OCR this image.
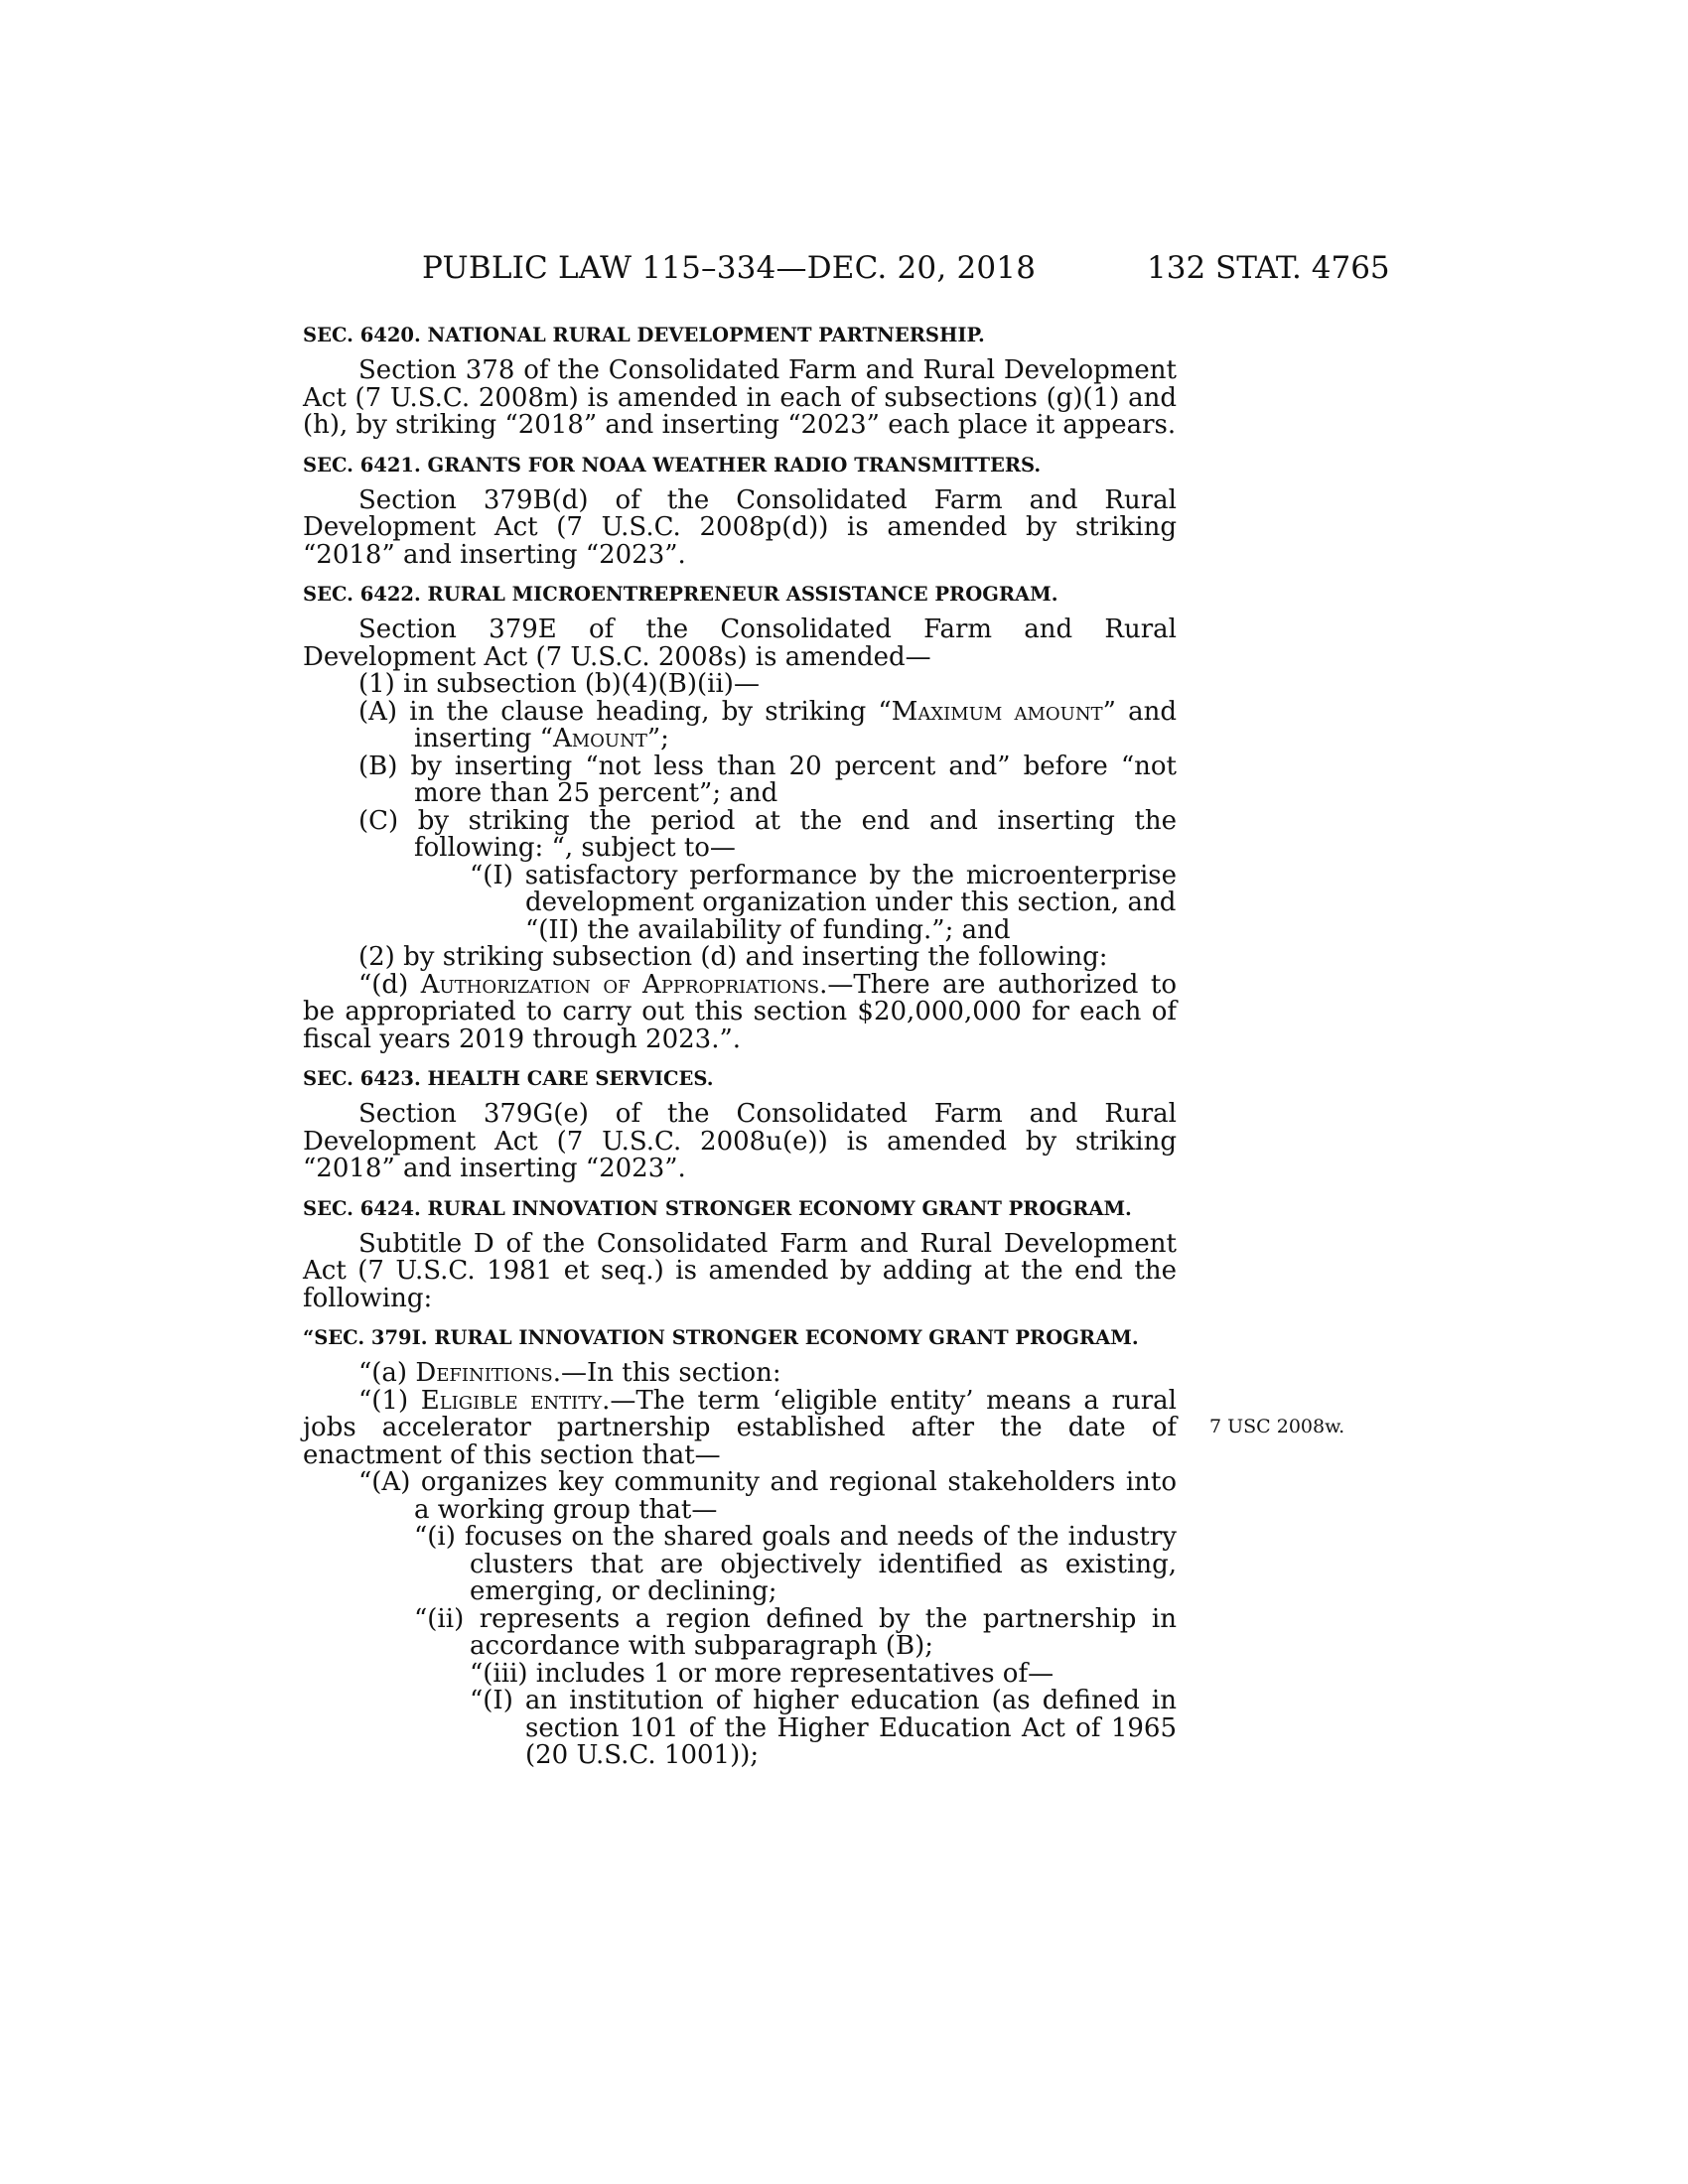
PUBLIC LAW 115–334—DEC. 20, 2018	132 STAT. 4765
7 USC 2008w.
SEC. 6420. NATIONAL RURAL DEVELOPMENT PARTNERSHIP.

Section 378 of the Consolidated Farm and Rural Development Act (7 U.S.C. 2008m) is amended in each of subsections (g)(1) and (h), by striking “2018” and inserting “2023” each place it appears.

SEC. 6421. GRANTS FOR NOAA WEATHER RADIO TRANSMITTERS.

Section 379B(d) of the Consolidated Farm and Rural Development Act (7 U.S.C. 2008p(d)) is amended by striking “2018” and inserting “2023”.

SEC. 6422. RURAL MICROENTREPRENEUR ASSISTANCE PROGRAM.

Section 379E of the Consolidated Farm and Rural Development Act (7 U.S.C. 2008s) is amended—

(1) in subsection (b)(4)(B)(ii)—

(A) in the clause heading, by striking “Maximum amount” and inserting “Amount”;

(B) by inserting “not less than 20 percent and” before “not more than 25 percent”; and

(C) by striking the period at the end and inserting the following: “, subject to—

“(I) satisfactory performance by the microenterprise development organization under this section, and

“(II) the availability of funding.”; and

(2) by striking subsection (d) and inserting the following:

“(d) Authorization of Appropriations.—There are authorized to be appropriated to carry out this section $20,000,000 for each of fiscal years 2019 through 2023.”.

SEC. 6423. HEALTH CARE SERVICES.

Section 379G(e) of the Consolidated Farm and Rural Development Act (7 U.S.C. 2008u(e)) is amended by striking “2018” and inserting “2023”.

SEC. 6424. RURAL INNOVATION STRONGER ECONOMY GRANT PROGRAM.

Subtitle D of the Consolidated Farm and Rural Development Act (7 U.S.C. 1981 et seq.) is amended by adding at the end the following:

“SEC. 379I. RURAL INNOVATION STRONGER ECONOMY GRANT PROGRAM.

“(a) Definitions.—In this section:

“(1) Eligible entity.—The term ‘eligible entity’ means a rural jobs accelerator partnership established after the date of enactment of this section that—

“(A) organizes key community and regional stakeholders into a working group that—

“(i) focuses on the shared goals and needs of the industry clusters that are objectively identified as existing, emerging, or declining;

“(ii) represents a region defined by the partnership in accordance with subparagraph (B);

“(iii) includes 1 or more representatives of—

“(I) an institution of higher education (as defined in section 101 of the Higher Education Act of 1965 (20 U.S.C. 1001));
